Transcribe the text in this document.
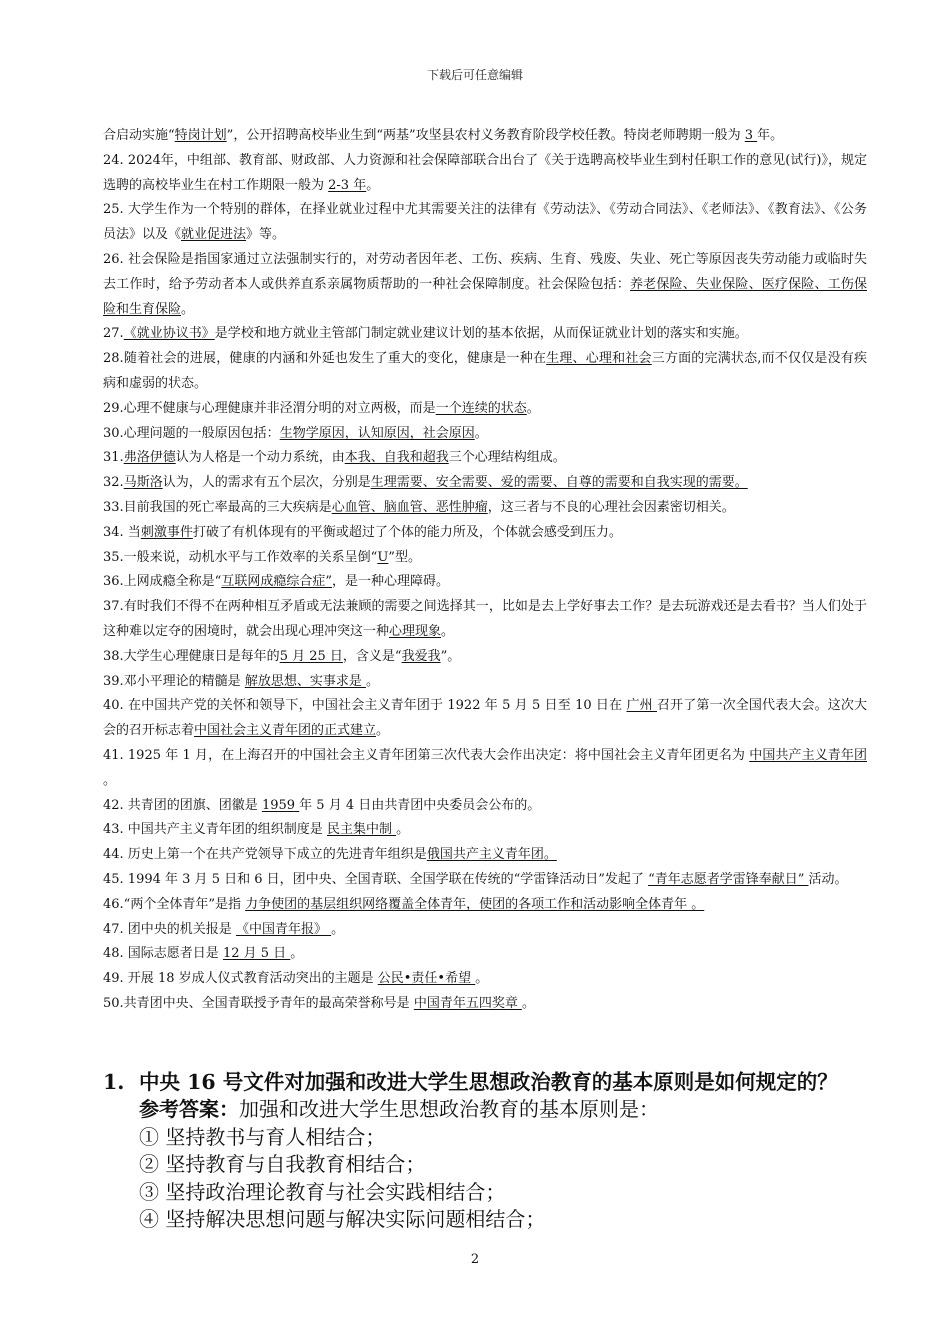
下载后可任意编辑

合启动实施“特岗计划”，公开招聘高校毕业生到“两基”攻坚县农村义务教育阶段学校任教。特岗老师聘期一般为 3 年。

24. 2024年，中组部、教育部、财政部、人力资源和社会保障部联合出台了《关于选聘高校毕业生到村任职工作的意见(试行)》，规定选聘的高校毕业生在村工作期限一般为 2-3 年。

25. 大学生作为一个特别的群体，在择业就业过程中尤其需要关注的法律有《劳动法》、《劳动合同法》、《老师法》、《教育法》、《公务员法》以及《就业促进法》等。

26. 社会保险是指国家通过立法强制实行的，对劳动者因年老、工伤、疾病、生育、残废、失业、死亡等原因丧失劳动能力或临时失去工作时，给予劳动者本人或供养直系亲属物质帮助的一种社会保障制度。社会保险包括：养老保险、失业保险、医疗保险、工伤保险和生育保险。

27.《就业协议书》是学校和地方就业主管部门制定就业建议计划的基本依据，从而保证就业计划的落实和实施。

28.随着社会的进展，健康的内涵和外延也发生了重大的变化，健康是一种在生理、心理和社会三方面的完满状态,而不仅仅是没有疾病和虚弱的状态。

29.心理不健康与心理健康并非泾渭分明的对立两极，而是一个连续的状态。

30.心理问题的一般原因包括：生物学原因，认知原因，社会原因。

31.弗洛伊德认为人格是一个动力系统，由本我、自我和超我三个心理结构组成。

32.马斯洛认为，人的需求有五个层次，分别是生理需要、安全需要、爱的需要、自尊的需要和自我实现的需要。

33.目前我国的死亡率最高的三大疾病是心血管、脑血管、恶性肿瘤，这三者与不良的心理社会因素密切相关。

34. 当刺激事件打破了有机体现有的平衡或超过了个体的能力所及，个体就会感受到压力。

35.一般来说，动机水平与工作效率的关系呈倒“U”型。

36.上网成瘾全称是“互联网成瘾综合症”，是一种心理障碍。

37.有时我们不得不在两种相互矛盾或无法兼顾的需要之间选择其一，比如是去上学好事去工作？是去玩游戏还是去看书？当人们处于这种难以定夺的困境时，就会出现心理冲突这一种心理现象。

38.大学生心理健康日是每年的5 月 25 日，含义是“我爱我”。

39.邓小平理论的精髓是 解放思想、实事求是 。

40. 在中国共产党的关怀和领导下，中国社会主义青年团于 1922 年 5 月 5 日至 10 日在 广州 召开了第一次全国代表大会。这次大会的召开标志着中国社会主义青年团的正式建立。

41. 1925 年 1 月，在上海召开的中国社会主义青年团第三次代表大会作出决定：将中国社会主义青年团更名为 中国共产主义青年团 。

42. 共青团的团旗、团徽是 1959 年 5 月 4 日由共青团中央委员会公布的。

43. 中国共产主义青年团的组织制度是 民主集中制 。

44. 历史上第一个在共产党领导下成立的先进青年组织是俄国共产主义青年团。

45. 1994 年 3 月 5 日和 6 日，团中央、全国青联、全国学联在传统的“学雷锋活动日”发起了 “青年志愿者学雷锋奉献日” 活动。

46.“两个全体青年”是指 力争使团的基层组织网络覆盖全体青年，使团的各项工作和活动影响全体青年 。

47. 团中央的机关报是 《中国青年报》 。

48. 国际志愿者日是 12 月 5 日 。

49. 开展 18 岁成人仪式教育活动突出的主题是 公民•责任•希望 。

50.共青团中央、全国青联授予青年的最高荣誉称号是 中国青年五四奖章 。

1. 中央 16 号文件对加强和改进大学生思想政治教育的基本原则是如何规定的？
参考答案：加强和改进大学生思想政治教育的基本原则是：
① 坚持教书与育人相结合；
② 坚持教育与自我教育相结合；
③ 坚持政治理论教育与社会实践相结合；
④ 坚持解决思想问题与解决实际问题相结合；
2
